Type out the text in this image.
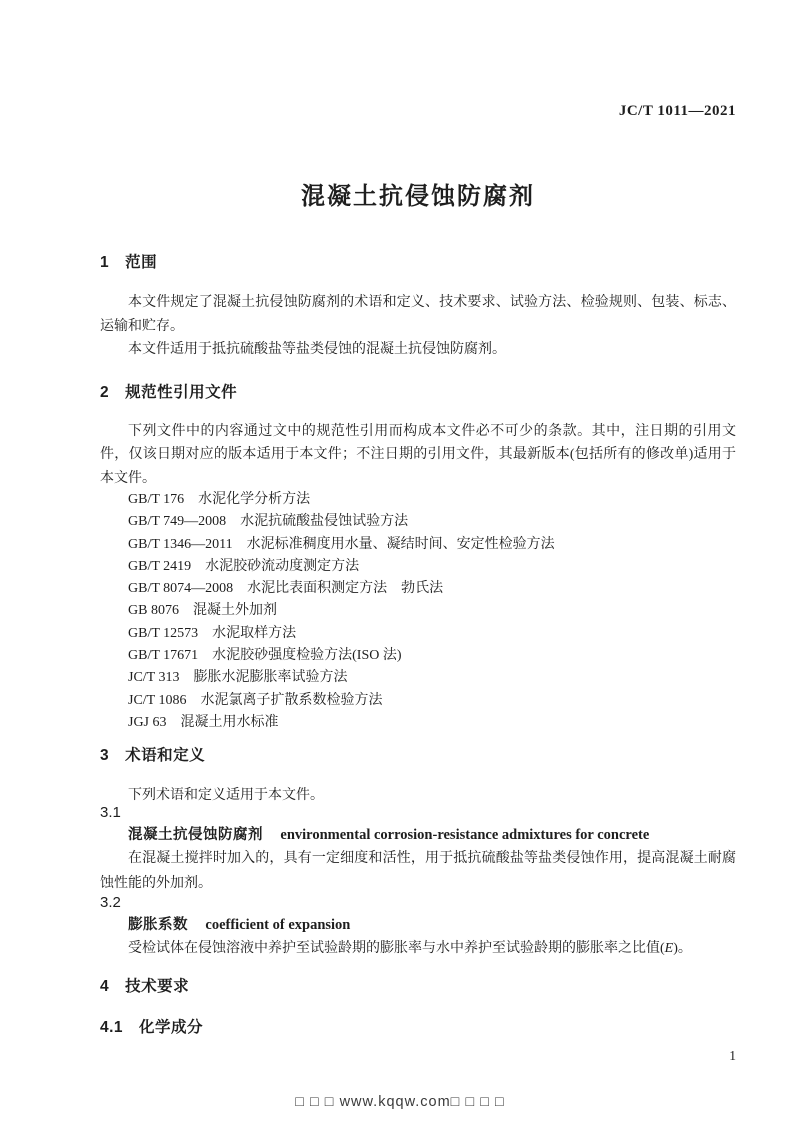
JC/T 1011—2021
混凝土抗侵蚀防腐剂
1　范围

本文件规定了混凝土抗侵蚀防腐剂的术语和定义、技术要求、试验方法、检验规则、包装、标志、运输和贮存。

本文件适用于抵抗硫酸盐等盐类侵蚀的混凝土抗侵蚀防腐剂。

2　规范性引用文件

下列文件中的内容通过文中的规范性引用而构成本文件必不可少的条款。其中，注日期的引用文件，仅该日期对应的版本适用于本文件；不注日期的引用文件，其最新版本(包括所有的修改单)适用于本文件。

GB/T 176 水泥化学分析方法
GB/T 749—2008 水泥抗硫酸盐侵蚀试验方法
GB/T 1346—2011 水泥标准稠度用水量、凝结时间、安定性检验方法
GB/T 2419 水泥胶砂流动度测定方法
GB/T 8074—2008 水泥比表面积测定方法　勃氏法
GB 8076 混凝土外加剂
GB/T 12573 水泥取样方法
GB/T 17671 水泥胶砂强度检验方法(ISO 法)
JC/T 313 膨胀水泥膨胀率试验方法
JC/T 1086 水泥氯离子扩散系数检验方法
JGJ 63 混凝土用水标准
3　术语和定义

下列术语和定义适用于本文件。

3.1
混凝土抗侵蚀防腐剂 environmental corrosion-resistance admixtures for concrete

在混凝土搅拌时加入的，具有一定细度和活性，用于抵抗硫酸盐等盐类侵蚀作用，提高混凝土耐腐蚀性能的外加剂。

3.2
膨胀系数 coefficient of expansion

受检试体在侵蚀溶液中养护至试验龄期的膨胀率与水中养护至试验龄期的膨胀率之比值(E)。

4　技术要求
4.1　化学成分
1
□ □ □ www.kqqw.com□ □ □ □
